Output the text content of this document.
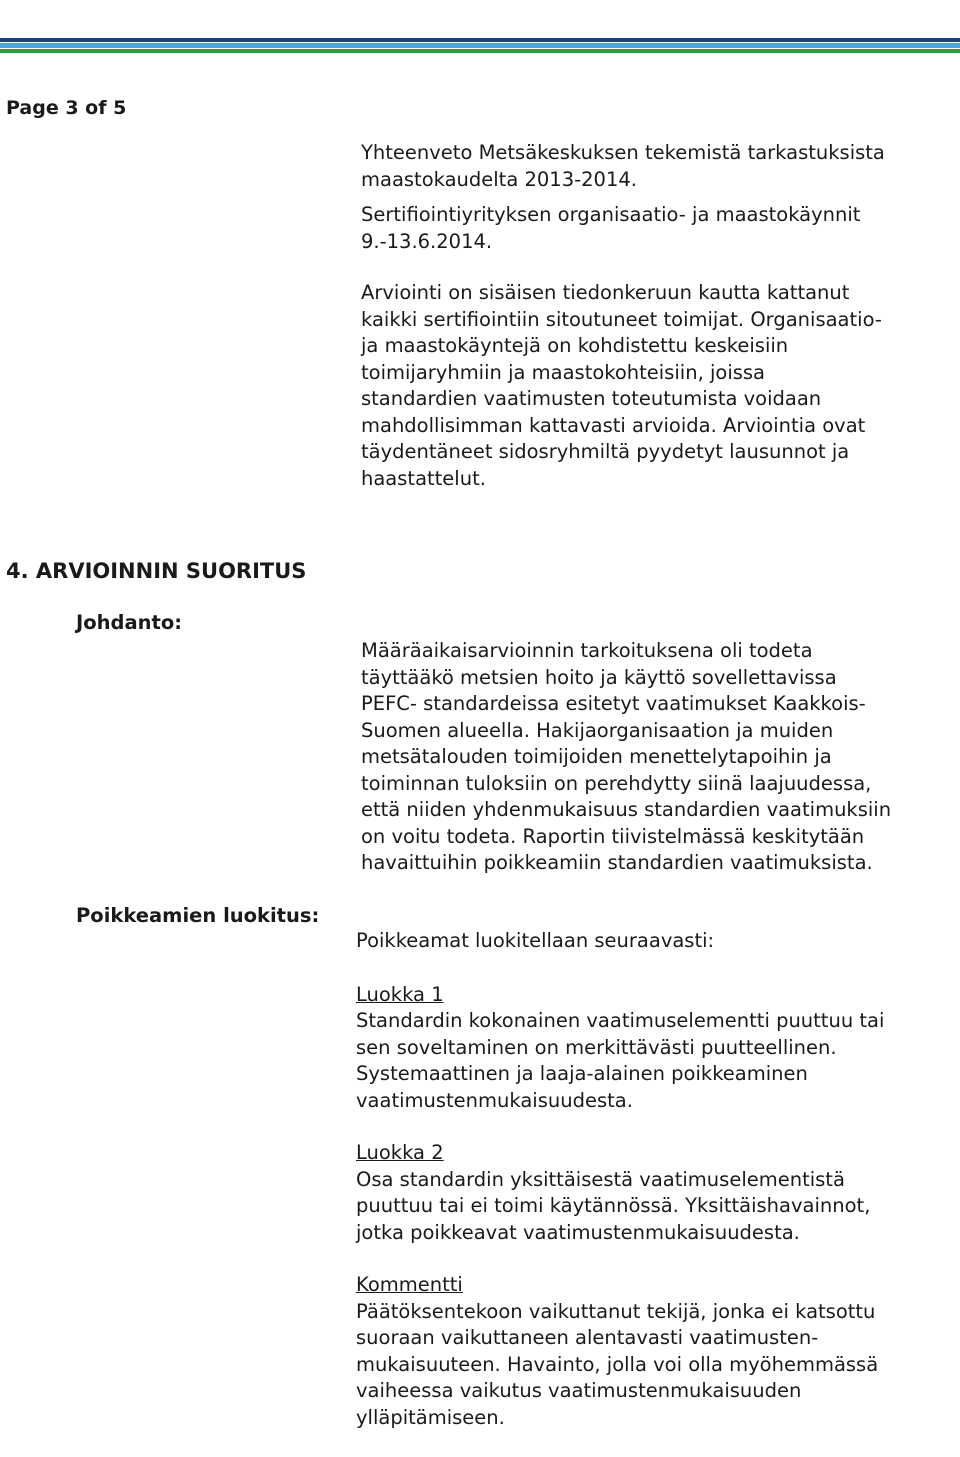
Page 3 of 5

Yhteenveto Metsäkeskuksen tekemistä tarkastuksista
maastokaudelta 2013-2014.

Sertifiointiyrityksen organisaatio- ja maastokäynnit
9.-13.6.2014.

Arviointi on sisäisen tiedonkeruun kautta kattanut
kaikki sertifiointiin sitoutuneet toimijat. Organisaatio-
ja maastokäyntejä on kohdistettu keskeisiin
toimijaryhmiin ja maastokohteisiin, joissa
standardien vaatimusten toteutumista voidaan
mahdollisimman kattavasti arvioida. Arviointia ovat
täydentäneet sidosryhmiltä pyydetyt lausunnot ja
haastattelut.

4. ARVIOINNIN SUORITUS
Johdanto:

Määräaikaisarvioinnin tarkoituksena oli todeta
täyttääkö metsien hoito ja käyttö sovellettavissa
PEFC- standardeissa esitetyt vaatimukset Kaakkois-
Suomen alueella. Hakijaorganisaation ja muiden
metsätalouden toimijoiden menettelytapoihin ja
toiminnan tuloksiin on perehdytty siinä laajuudessa,
että niiden yhdenmukaisuus standardien vaatimuksiin
on voitu todeta. Raportin tiivistelmässä keskitytään
havaittuihin poikkeamiin standardien vaatimuksista.

Poikkeamien luokitus:

Poikkeamat luokitellaan seuraavasti:

Luokka 1
Standardin kokonainen vaatimuselementti puuttuu tai
sen soveltaminen on merkittävästi puutteellinen.
Systemaattinen ja laaja-alainen poikkeaminen
vaatimustenmukaisuudesta.
Luokka 2
Osa standardin yksittäisestä vaatimuselementistä
puuttuu tai ei toimi käytännössä. Yksittäishavainnot,
jotka poikkeavat vaatimustenmukaisuudesta.
Kommentti
Päätöksentekoon vaikuttanut tekijä, jonka ei katsottu
suoraan vaikuttaneen alentavasti vaatimusten-
mukaisuuteen. Havainto, jolla voi olla myöhemmässä
vaiheessa vaikutus vaatimustenmukaisuuden
ylläpitämiseen.
